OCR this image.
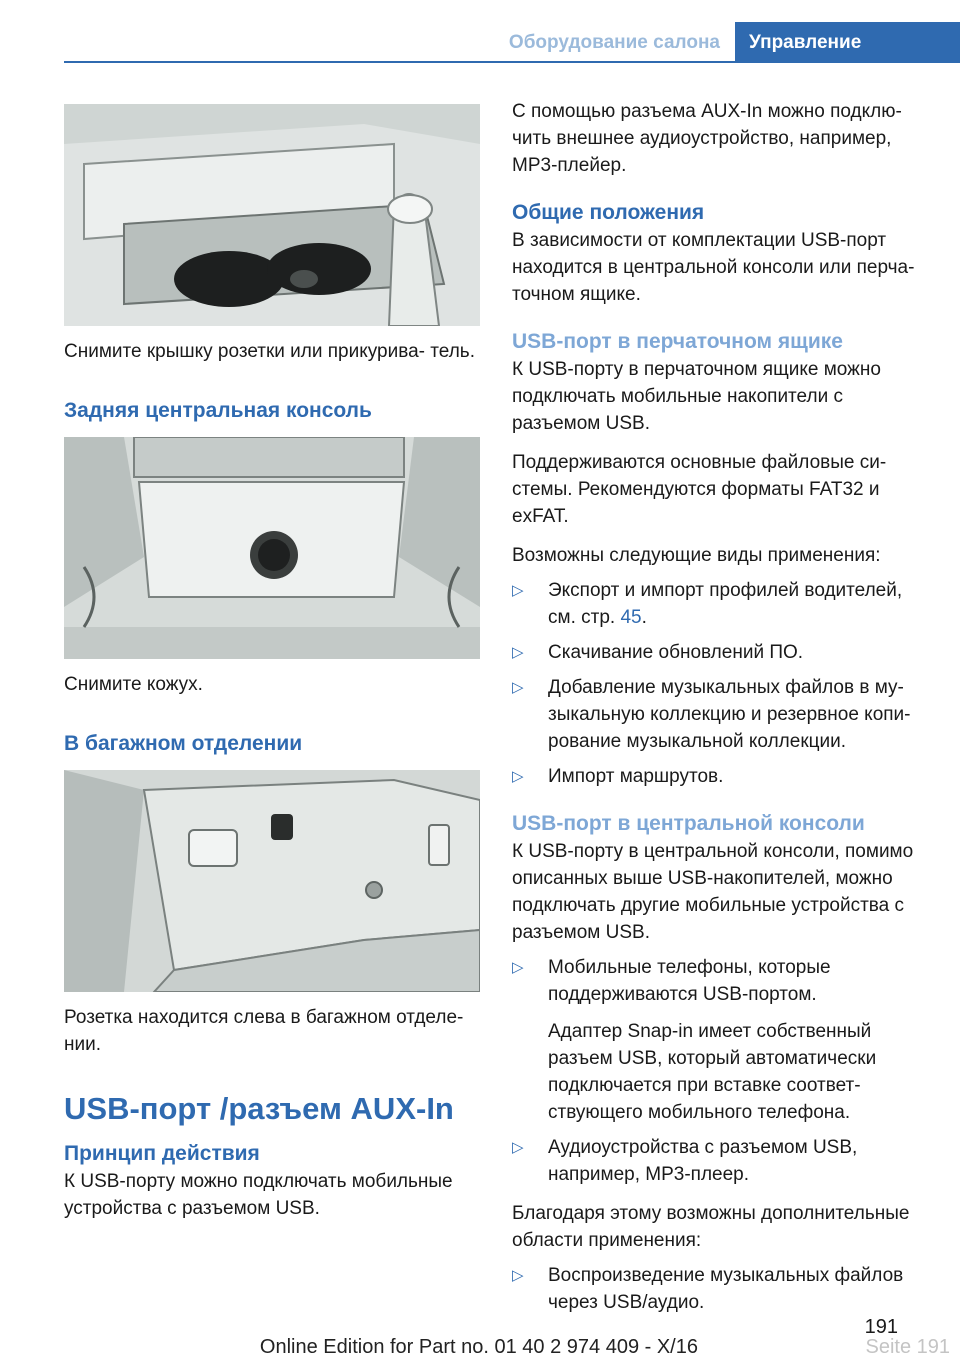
Оборудование салона	Управление

Снимите крышку розетки или прикурива‐ тель.

Задняя центральная консоль

Снимите кожух.

В багажном отделении

Розетка находится слева в багажном отделе‐ нии.

USB-порт /разъем AUX-In
Принцип действия

К USB-порту можно подключать мобильные устройства с разъемом USB.

С помощью разъема AUX-In можно подклю‐ чить внешнее аудиоустройство, например, MP3-плейер.

Общие положения

В зависимости от комплектации USB-порт находится в центральной консоли или перча‐ точном ящике.

USB-порт в перчаточном ящике

К USB-порту в перчаточном ящике можно подключать мобильные накопители с разъемом USB.

Поддерживаются основные файловые си‐ стемы. Рекомендуются форматы FAT32 и exFAT.

Возможны следующие виды применения:

▷ Экспорт и импорт профилей водителей, см. стр. 45.
▷ Скачивание обновлений ПО.
▷ Добавление музыкальных файлов в му‐ зыкальную коллекцию и резервное копи‐ рование музыкальной коллекции.
▷ Импорт маршрутов.
USB-порт в центральной консоли

К USB-порту в центральной консоли, помимо описанных выше USB-накопителей, можно подключать другие мобильные устройства с разъемом USB.

▷ Мобильные телефоны, которые поддерживаются USB-портом.

Адаптер Snap-in имеет собственный разъем USB, который автоматически подключается при вставке соответ‐ ствующего мобильного телефона.

▷ Аудиоустройства с разъемом USB, например, MP3-плеер.

Благодаря этому возможны дополнительные области применения:

▷ Воспроизведение музыкальных файлов через USB/аудио.
191
Seite 191
Online Edition for Part no. 01 40 2 974 409 - X/16
